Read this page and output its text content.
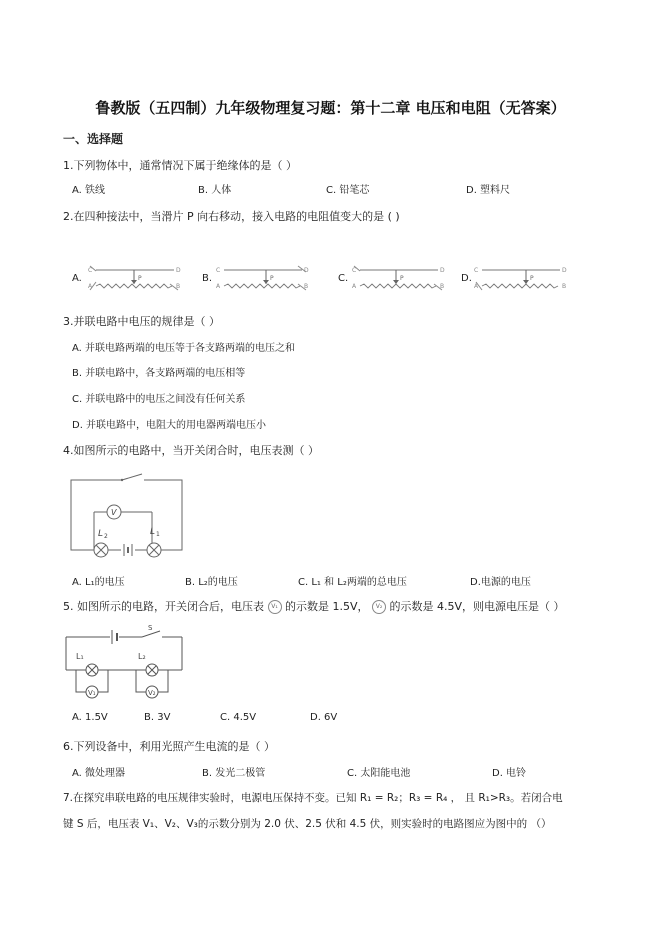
鲁教版（五四制）九年级物理复习题：第十二章 电压和电阻（无答案）
一、选择题
1.下列物体中，通常情况下属于绝缘体的是（ ）
A. 铁线	B. 人体	C. 铅笔芯	D. 塑料尺
2.在四种接法中，当滑片 P 向右移动，接入电路的电阻值变大的是 ( )
A.	B.	C.	D.
P
C	D
A	B
P
C	D
A	B
P
C	D
A	B
P
C	D
A	B
3.并联电路中电压的规律是（ ）
A. 并联电路两端的电压等于各支路两端的电压之和
B. 并联电路中，各支路两端的电压相等
C. 并联电路中的电压之间没有任何关系
D. 并联电路中，电阻大的用电器两端电压小
4.如图所示的电路中，当开关闭合时，电压表测（ ）
V
L 2	L 1
A. L₁的电压	B. L₂的电压	C. L₁ 和 L₂两端的总电压	D.电源的电压
5. 如图所示的电路，开关闭合后，电压表 V₁ 的示数是 1.5V， V₂ 的示数是 4.5V，则电源电压是（ ）
S
L₁	L₂
V₁	V₂
A. 1.5V	B. 3V	C. 4.5V	D. 6V
6.下列设备中，利用光照产生电流的是（ ）
A. 微处理器	B. 发光二极管	C. 太阳能电池	D. 电铃
7.在探究串联电路的电压规律实验时，电源电压保持不变。已知 R₁ = R₂；R₃ = R₄ ， 且 R₁>R₃。若闭合电
键 S 后，电压表 V₁、V₂、V₃的示数分别为 2.0 伏、2.5 伏和 4.5 伏，则实验时的电路图应为图中的 （）
